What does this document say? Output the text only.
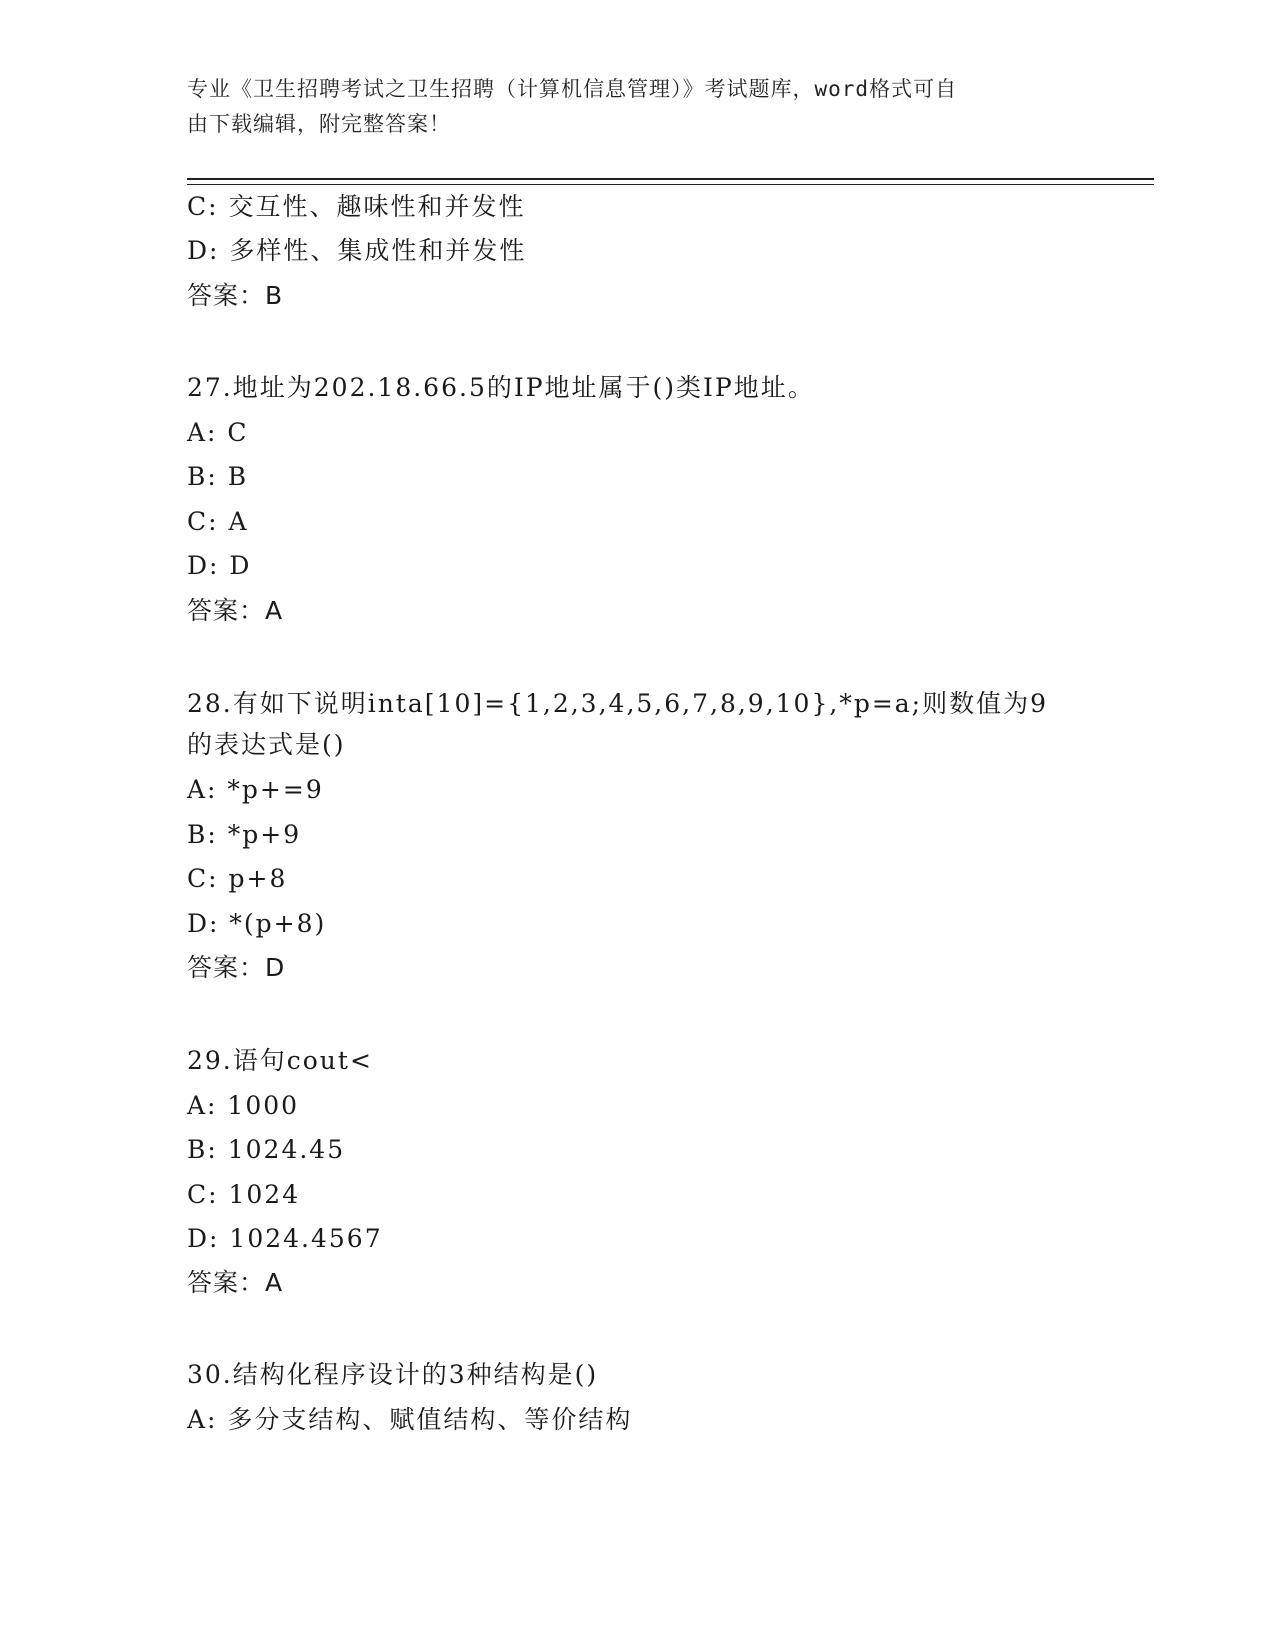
专业《卫生招聘考试之卫生招聘（计算机信息管理）》考试题库，word格式可自
由下载编辑，附完整答案！
C: 交互性、趣味性和并发性
D: 多样性、集成性和并发性
答案：B
27.地址为202.18.66.5的IP地址属于()类IP地址。
A: C
B: B
C: A
D: D
答案：A
28.有如下说明inta[10]={1,2,3,4,5,6,7,8,9,10},*p=a;则数值为9
的表达式是()
A: *p+=9
B: *p+9
C: p+8
D: *(p+8)
答案：D
29.语句cout<
A: 1000
B: 1024.45
C: 1024
D: 1024.4567
答案：A
30.结构化程序设计的3种结构是()
A: 多分支结构、赋值结构、等价结构
